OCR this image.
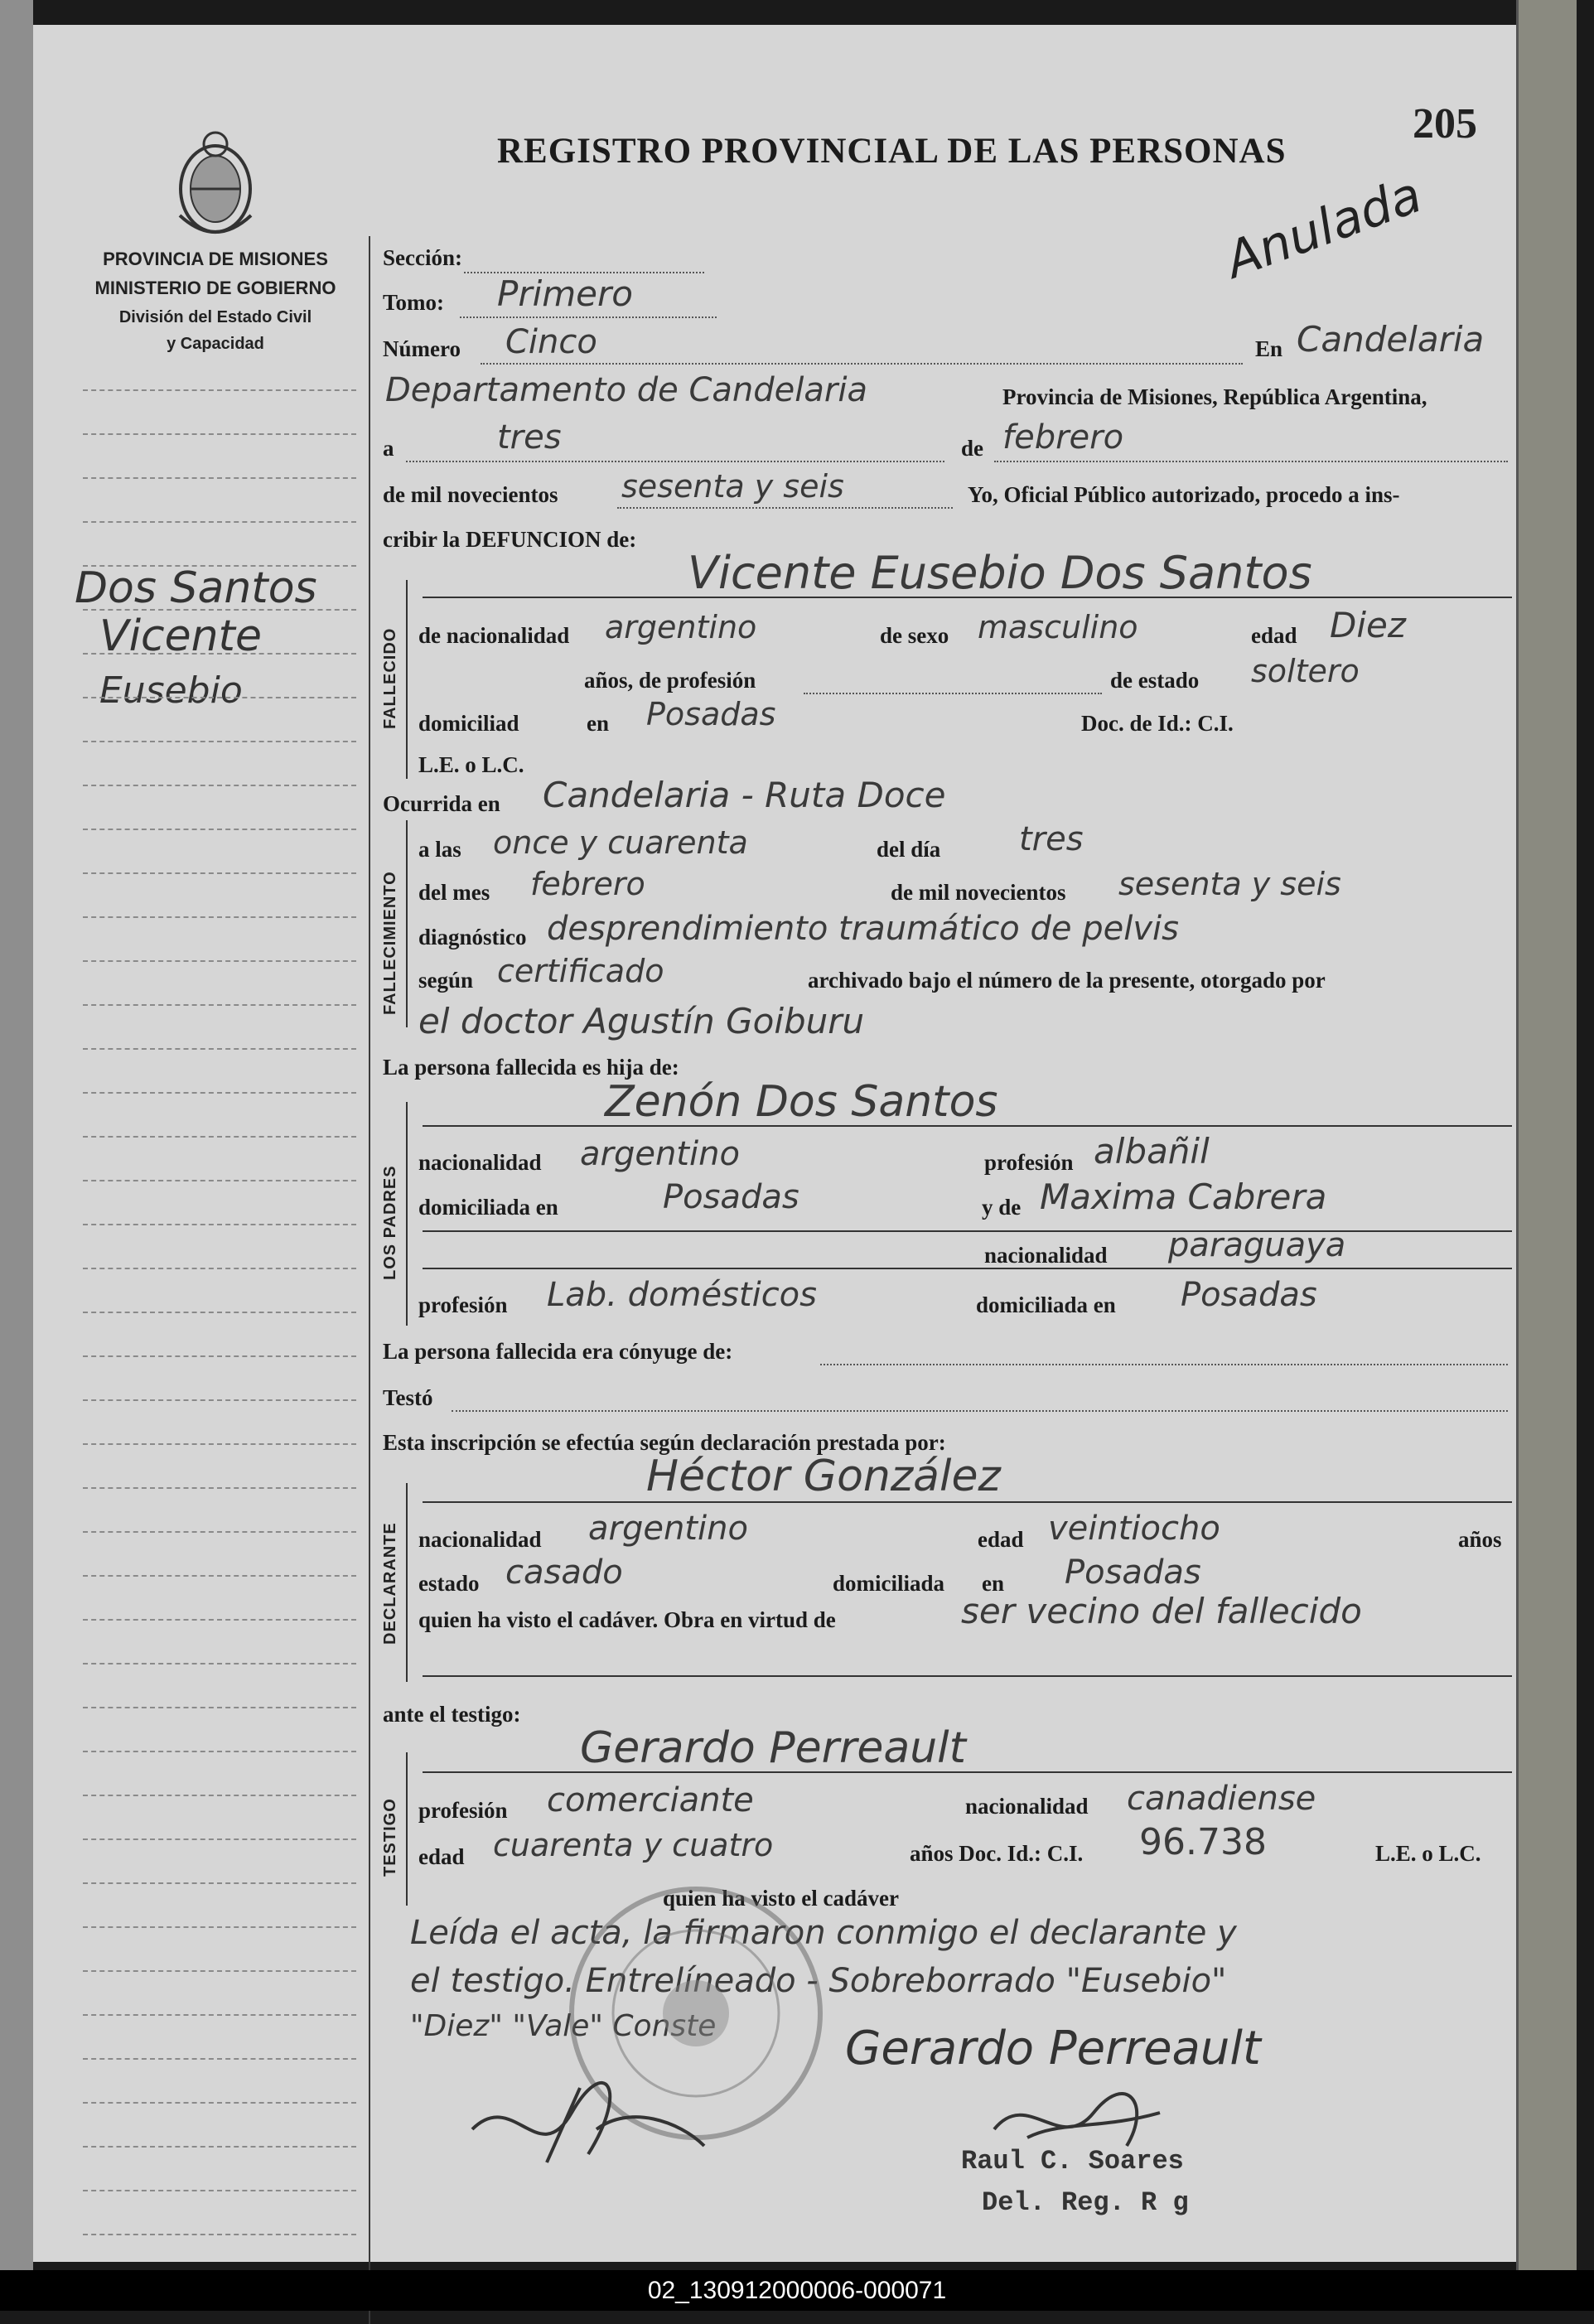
PROVINCIA DE MISIONES
MINISTERIO DE GOBIERNO
División del Estado Civil
y Capacidad
REGISTRO PROVINCIAL DE LAS PERSONAS
205
Anulada
Dos Santos
Vicente
Eusebio
Sección:
Tomo: Primero
Número Cinco	En Candelaria
Departamento de Candelaria	Provincia de Misiones, República Argentina,
a	tres	de febrero
de mil novecientos sesenta y seis	Yo, Oficial Público autorizado, procedo a ins-
cribir la DEFUNCION de:
FALLECIDO
Vicente Eusebio Dos Santos
de nacionalidad argentino	de sexo masculino	edad Diez
años, de profesión	de estado soltero
domiciliad	en Posadas	Doc. de Id.: C.I.
L.E. o L.C.
Ocurrida en Candelaria - Ruta Doce
FALLECIMIENTO
a las once y cuarenta	del día tres
del mes febrero	de mil novecientos sesenta y seis
diagnóstico desprendimiento traumático de pelvis
según certificado	archivado bajo el número de la presente, otorgado por
el doctor Agustín Goiburu
La persona fallecida es hija de:
Zenón Dos Santos
LOS PADRES
nacionalidad argentino	profesión albañil
domiciliada en	Posadas	y de Maxima Cabrera
nacionalidad paraguaya
profesión Lab. domésticos	domiciliada en Posadas
La persona fallecida era cónyuge de:
Testó
Esta inscripción se efectúa según declaración prestada por:
Héctor González
DECLARANTE nacionalidad argentino	edad veintiocho	años
estado casado	domiciliada en Posadas
quien ha visto el cadáver. Obra en virtud de	ser vecino del fallecido
ante el testigo:
Gerardo Perreault
TESTIGO profesión comerciante	nacionalidad canadiense
edad cuarenta y cuatro	años Doc. Id.: C.I. 96.738	L.E. o L.C.
quien ha visto el cadáver
Leída el acta, la firmaron conmigo el declarante y
el testigo. Entrelíneado - Sobreborrado "Eusebio"
"Diez" "Vale" Conste	Gerardo Perreault
Raul C. Soares
Del. Reg. R g
02_130912000006-000071
